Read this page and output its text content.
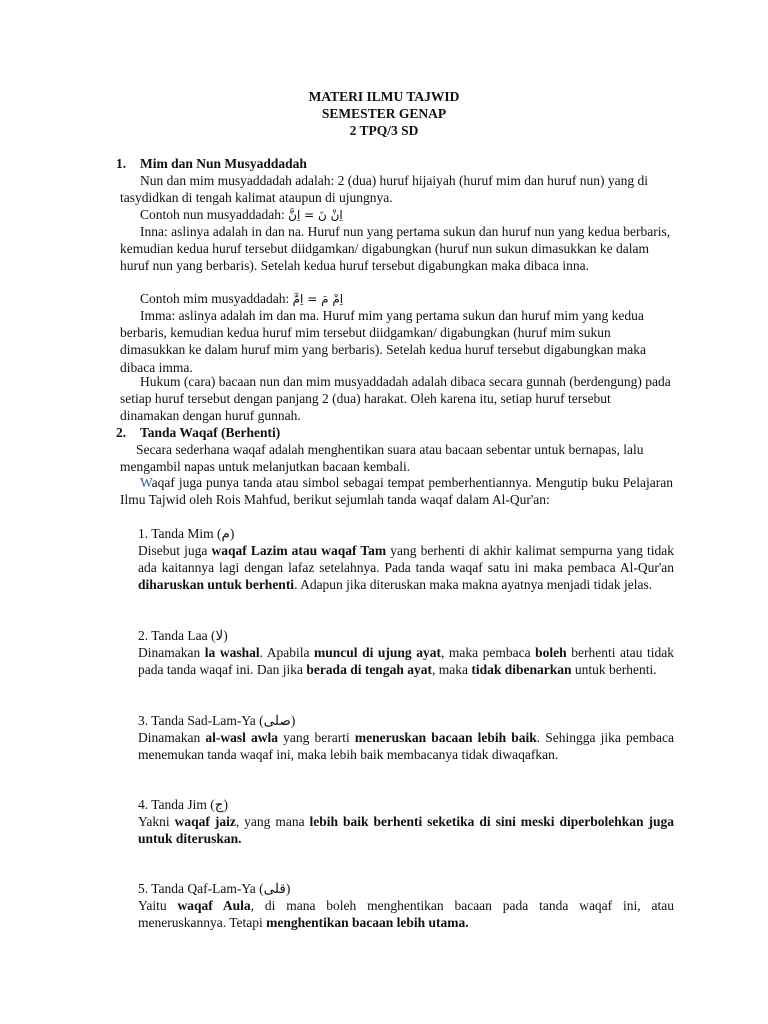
MATERI ILMU TAJWID
SEMESTER GENAP
2 TPQ/3 SD
1. Mim dan Nun Musyaddadah

Nun dan mim musyaddadah adalah: 2 (dua) huruf hijaiyah (huruf mim dan huruf nun) yang di tasydidkan di tengah kalimat ataupun di ujungnya.

Contoh nun musyaddadah: اِنْ نَ = اِنَّ

Inna: aslinya adalah in dan na. Huruf nun yang pertama sukun dan huruf nun yang kedua berbaris, kemudian kedua huruf tersebut diidgamkan/ digabungkan (huruf nun sukun dimasukkan ke dalam huruf nun yang berbaris). Setelah kedua huruf tersebut digabungkan maka dibaca inna.

Contoh mim musyaddadah: اِمْ مَ = اِمَّ

Imma: aslinya adalah im dan ma. Huruf mim yang pertama sukun dan huruf mim yang kedua berbaris, kemudian kedua huruf mim tersebut diidgamkan/ digabungkan (huruf mim sukun dimasukkan ke dalam huruf mim yang berbaris). Setelah kedua huruf tersebut digabungkan maka dibaca imma.

Hukum (cara) bacaan nun dan mim musyaddadah adalah dibaca secara gunnah (berdengung) pada setiap huruf tersebut dengan panjang 2 (dua) harakat. Oleh karena itu, setiap huruf tersebut dinamakan dengan huruf gunnah.

2. Tanda Waqaf (Berhenti)

Secara sederhana waqaf adalah menghentikan suara atau bacaan sebentar untuk bernapas, lalu mengambil napas untuk melanjutkan bacaan kembali.

Waqaf juga punya tanda atau simbol sebagai tempat pemberhentiannya. Mengutip buku Pelajaran Ilmu Tajwid oleh Rois Mahfud, berikut sejumlah tanda waqaf dalam Al-Qur'an:

1. Tanda Mim (م)

Disebut juga waqaf Lazim atau waqaf Tam yang berhenti di akhir kalimat sempurna yang tidak ada kaitannya lagi dengan lafaz setelahnya. Pada tanda waqaf satu ini maka pembaca Al-Qur'an diharuskan untuk berhenti. Adapun jika diteruskan maka makna ayatnya menjadi tidak jelas.

2. Tanda Laa (لا)

Dinamakan la washal. Apabila muncul di ujung ayat, maka pembaca boleh berhenti atau tidak pada tanda waqaf ini. Dan jika berada di tengah ayat, maka tidak dibenarkan untuk berhenti.

3. Tanda Sad-Lam-Ya (صلى)

Dinamakan al-wasl awla yang berarti meneruskan bacaan lebih baik. Sehingga jika pembaca menemukan tanda waqaf ini, maka lebih baik membacanya tidak diwaqafkan.

4. Tanda Jim (ج)

Yakni waqaf jaiz, yang mana lebih baik berhenti seketika di sini meski diperbolehkan juga untuk diteruskan.

5. Tanda Qaf-Lam-Ya (قلى)

Yaitu waqaf Aula, di mana boleh menghentikan bacaan pada tanda waqaf ini, atau meneruskannya. Tetapi menghentikan bacaan lebih utama.
